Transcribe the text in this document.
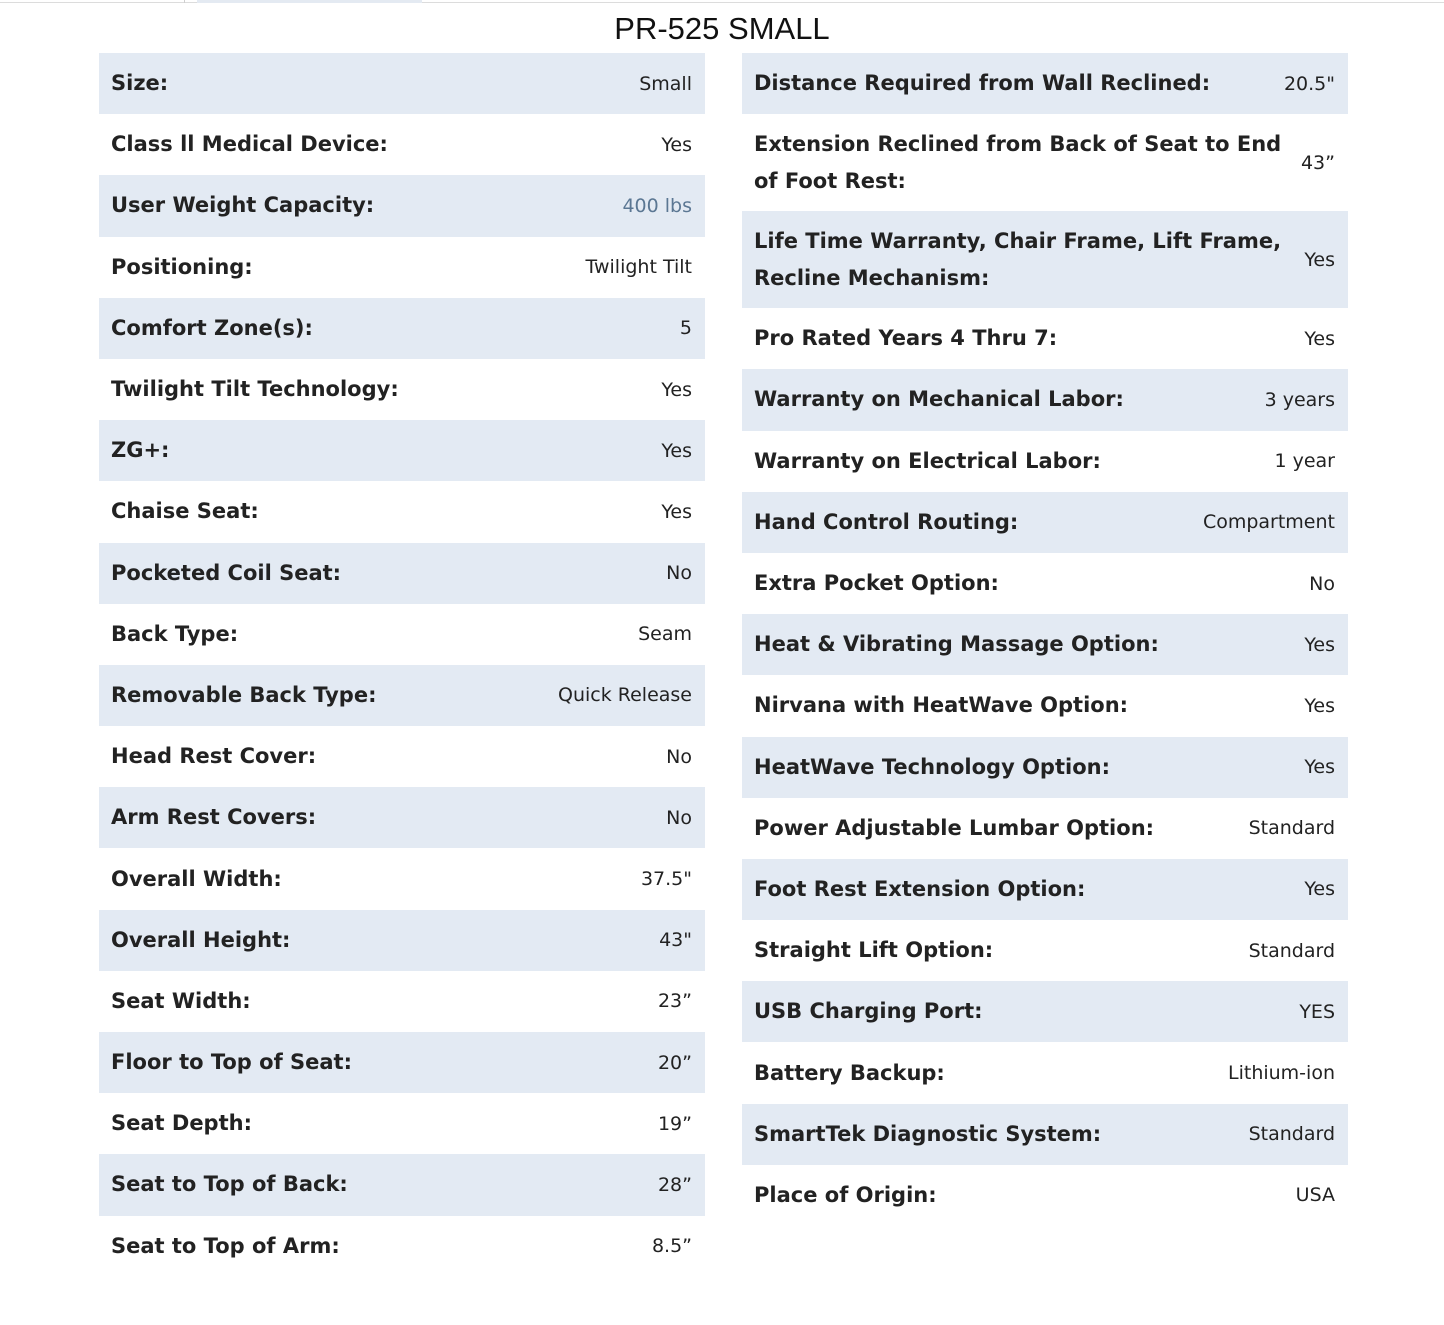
PR-525 SMALL
Size:	Small
Class ll Medical Device:	Yes
User Weight Capacity:	400 lbs
Positioning:	Twilight Tilt
Comfort Zone(s):	5
Twilight Tilt Technology:	Yes
ZG+:	Yes
Chaise Seat:	Yes
Pocketed Coil Seat:	No
Back Type:	Seam
Removable Back Type:	Quick Release
Head Rest Cover:	No
Arm Rest Covers:	No
Overall Width:	37.5"
Overall Height:	43"
Seat Width:	23”
Floor to Top of Seat:	20”
Seat Depth:	19”
Seat to Top of Back:	28”
Seat to Top of Arm:	8.5”
Distance Required from Wall Reclined:	20.5"
Extension Reclined from Back of Seat to End of Foot Rest:
43”
Life Time Warranty, Chair Frame, Lift Frame, Recline Mechanism:
Yes
Pro Rated Years 4 Thru 7:	Yes
Warranty on Mechanical Labor:	3 years
Warranty on Electrical Labor:	1 year
Hand Control Routing:	Compartment
Extra Pocket Option:	No
Heat & Vibrating Massage Option:	Yes
Nirvana with HeatWave Option:	Yes
HeatWave Technology Option:	Yes
Power Adjustable Lumbar Option:	Standard
Foot Rest Extension Option:	Yes
Straight Lift Option:	Standard
USB Charging Port:	YES
Battery Backup:	Lithium-ion
SmartTek Diagnostic System:	Standard
Place of Origin:	USA
